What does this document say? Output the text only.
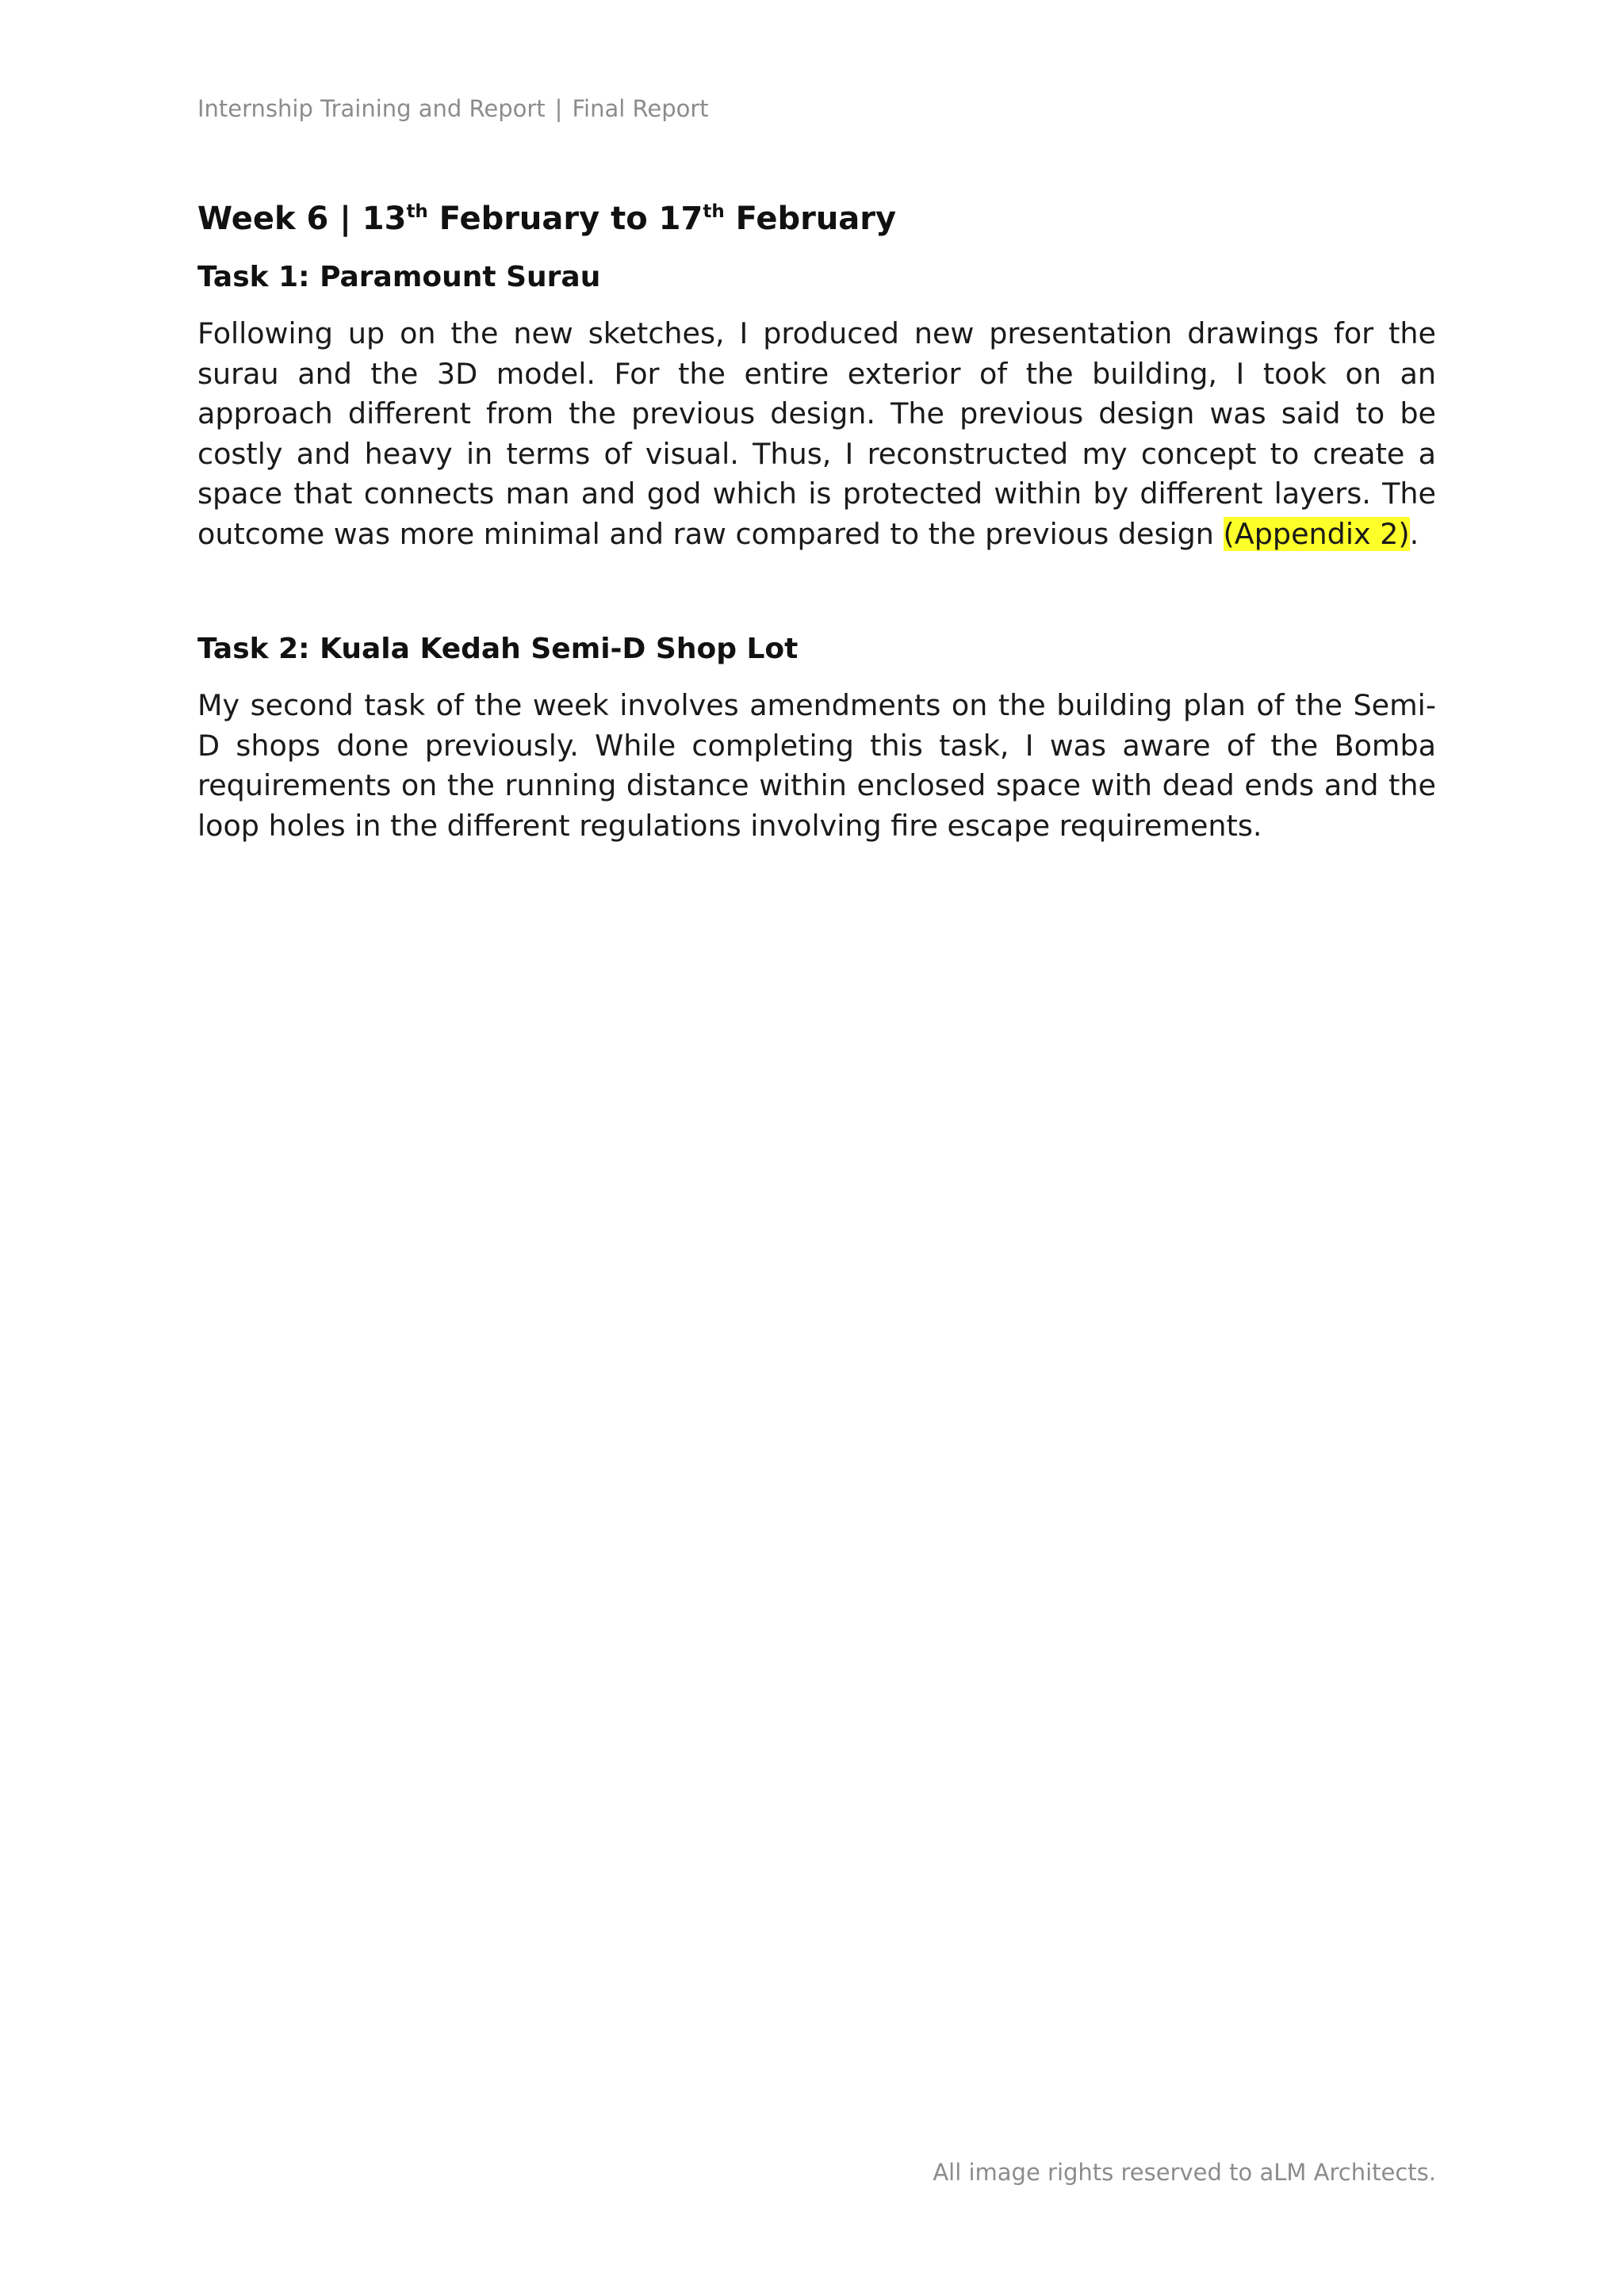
Internship Training and Report | Final Report
Week 6 | 13th February to 17th February
Task 1: Paramount Surau

Following up on the new sketches, I produced new presentation drawings for the surau and the 3D model. For the entire exterior of the building, I took on an approach different from the previous design. The previous design was said to be costly and heavy in terms of visual. Thus, I reconstructed my concept to create a space that connects man and god which is protected within by different layers. The outcome was more minimal and raw compared to the previous design (Appendix 2).

Task 2: Kuala Kedah Semi-D Shop Lot

My second task of the week involves amendments on the building plan of the Semi-D shops done previously. While completing this task, I was aware of the Bomba requirements on the running distance within enclosed space with dead ends and the loop holes in the different regulations involving fire escape requirements.

All image rights reserved to aLM Architects.
